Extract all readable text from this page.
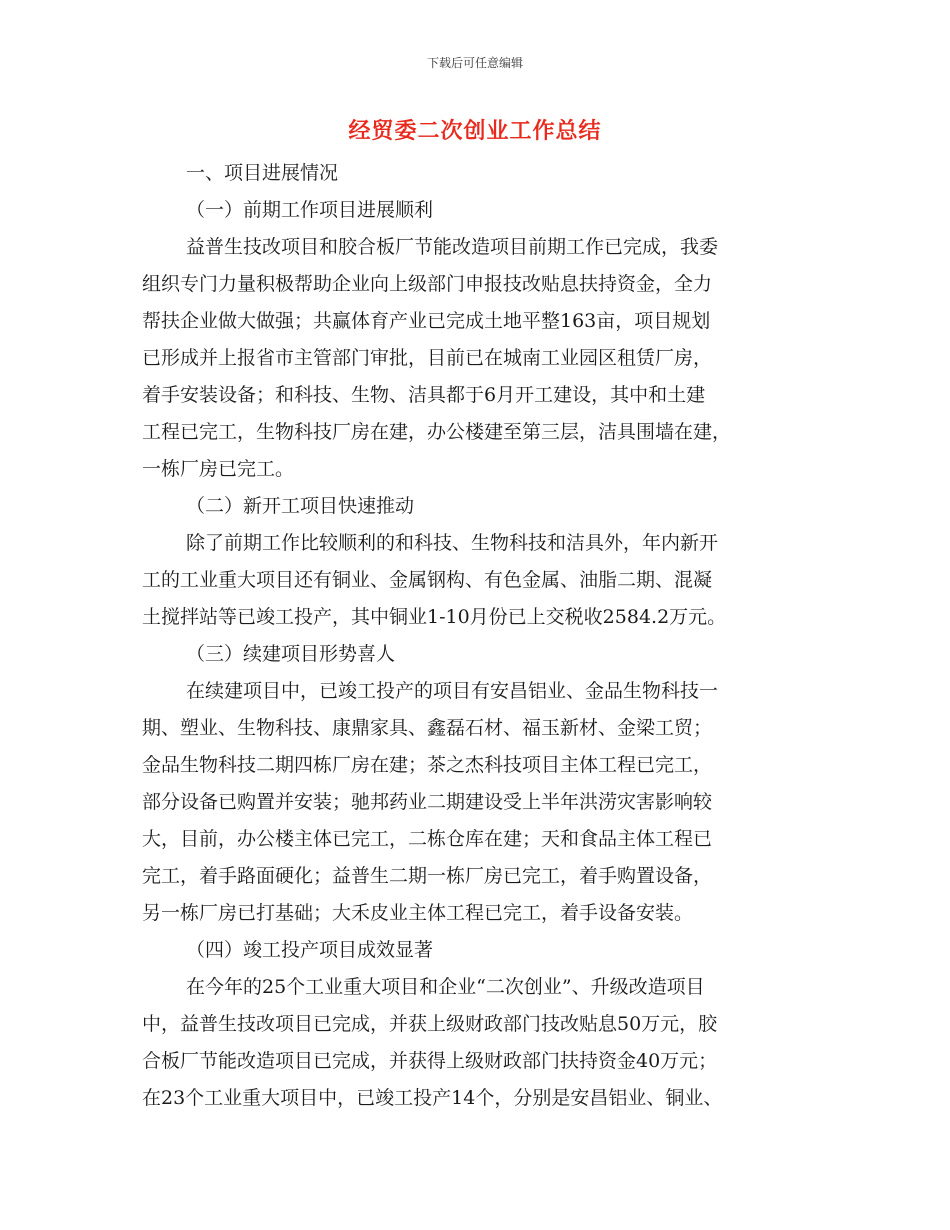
下载后可任意编辑
经贸委二次创业工作总结
一、项目进展情况
（一）前期工作项目进展顺利
益普生技改项目和胶合板厂节能改造项目前期工作已完成，我委
组织专门力量积极帮助企业向上级部门申报技改贴息扶持资金，全力
帮扶企业做大做强；共赢体育产业已完成土地平整163亩，项目规划
已形成并上报省市主管部门审批，目前已在城南工业园区租赁厂房，
着手安装设备；和科技、生物、洁具都于6月开工建设，其中和土建
工程已完工，生物科技厂房在建，办公楼建至第三层，洁具围墙在建，
一栋厂房已完工。
（二）新开工项目快速推动
除了前期工作比较顺利的和科技、生物科技和洁具外，年内新开
工的工业重大项目还有铜业、金属钢构、有色金属、油脂二期、混凝
土搅拌站等已竣工投产，其中铜业1-10月份已上交税收2584.2万元。
（三）续建项目形势喜人
在续建项目中，已竣工投产的项目有安昌铝业、金品生物科技一
期、塑业、生物科技、康鼎家具、鑫磊石材、福玉新材、金梁工贸；
金品生物科技二期四栋厂房在建；茶之杰科技项目主体工程已完工，
部分设备已购置并安装；驰邦药业二期建设受上半年洪涝灾害影响较
大，目前，办公楼主体已完工，二栋仓库在建；天和食品主体工程已
完工，着手路面硬化；益普生二期一栋厂房已完工，着手购置设备，
另一栋厂房已打基础；大禾皮业主体工程已完工，着手设备安装。
（四）竣工投产项目成效显著
在今年的25个工业重大项目和企业“二次创业”、升级改造项目
中，益普生技改项目已完成，并获上级财政部门技改贴息50万元，胶
合板厂节能改造项目已完成，并获得上级财政部门扶持资金40万元；
在23个工业重大项目中，已竣工投产14个，分别是安昌铝业、铜业、
